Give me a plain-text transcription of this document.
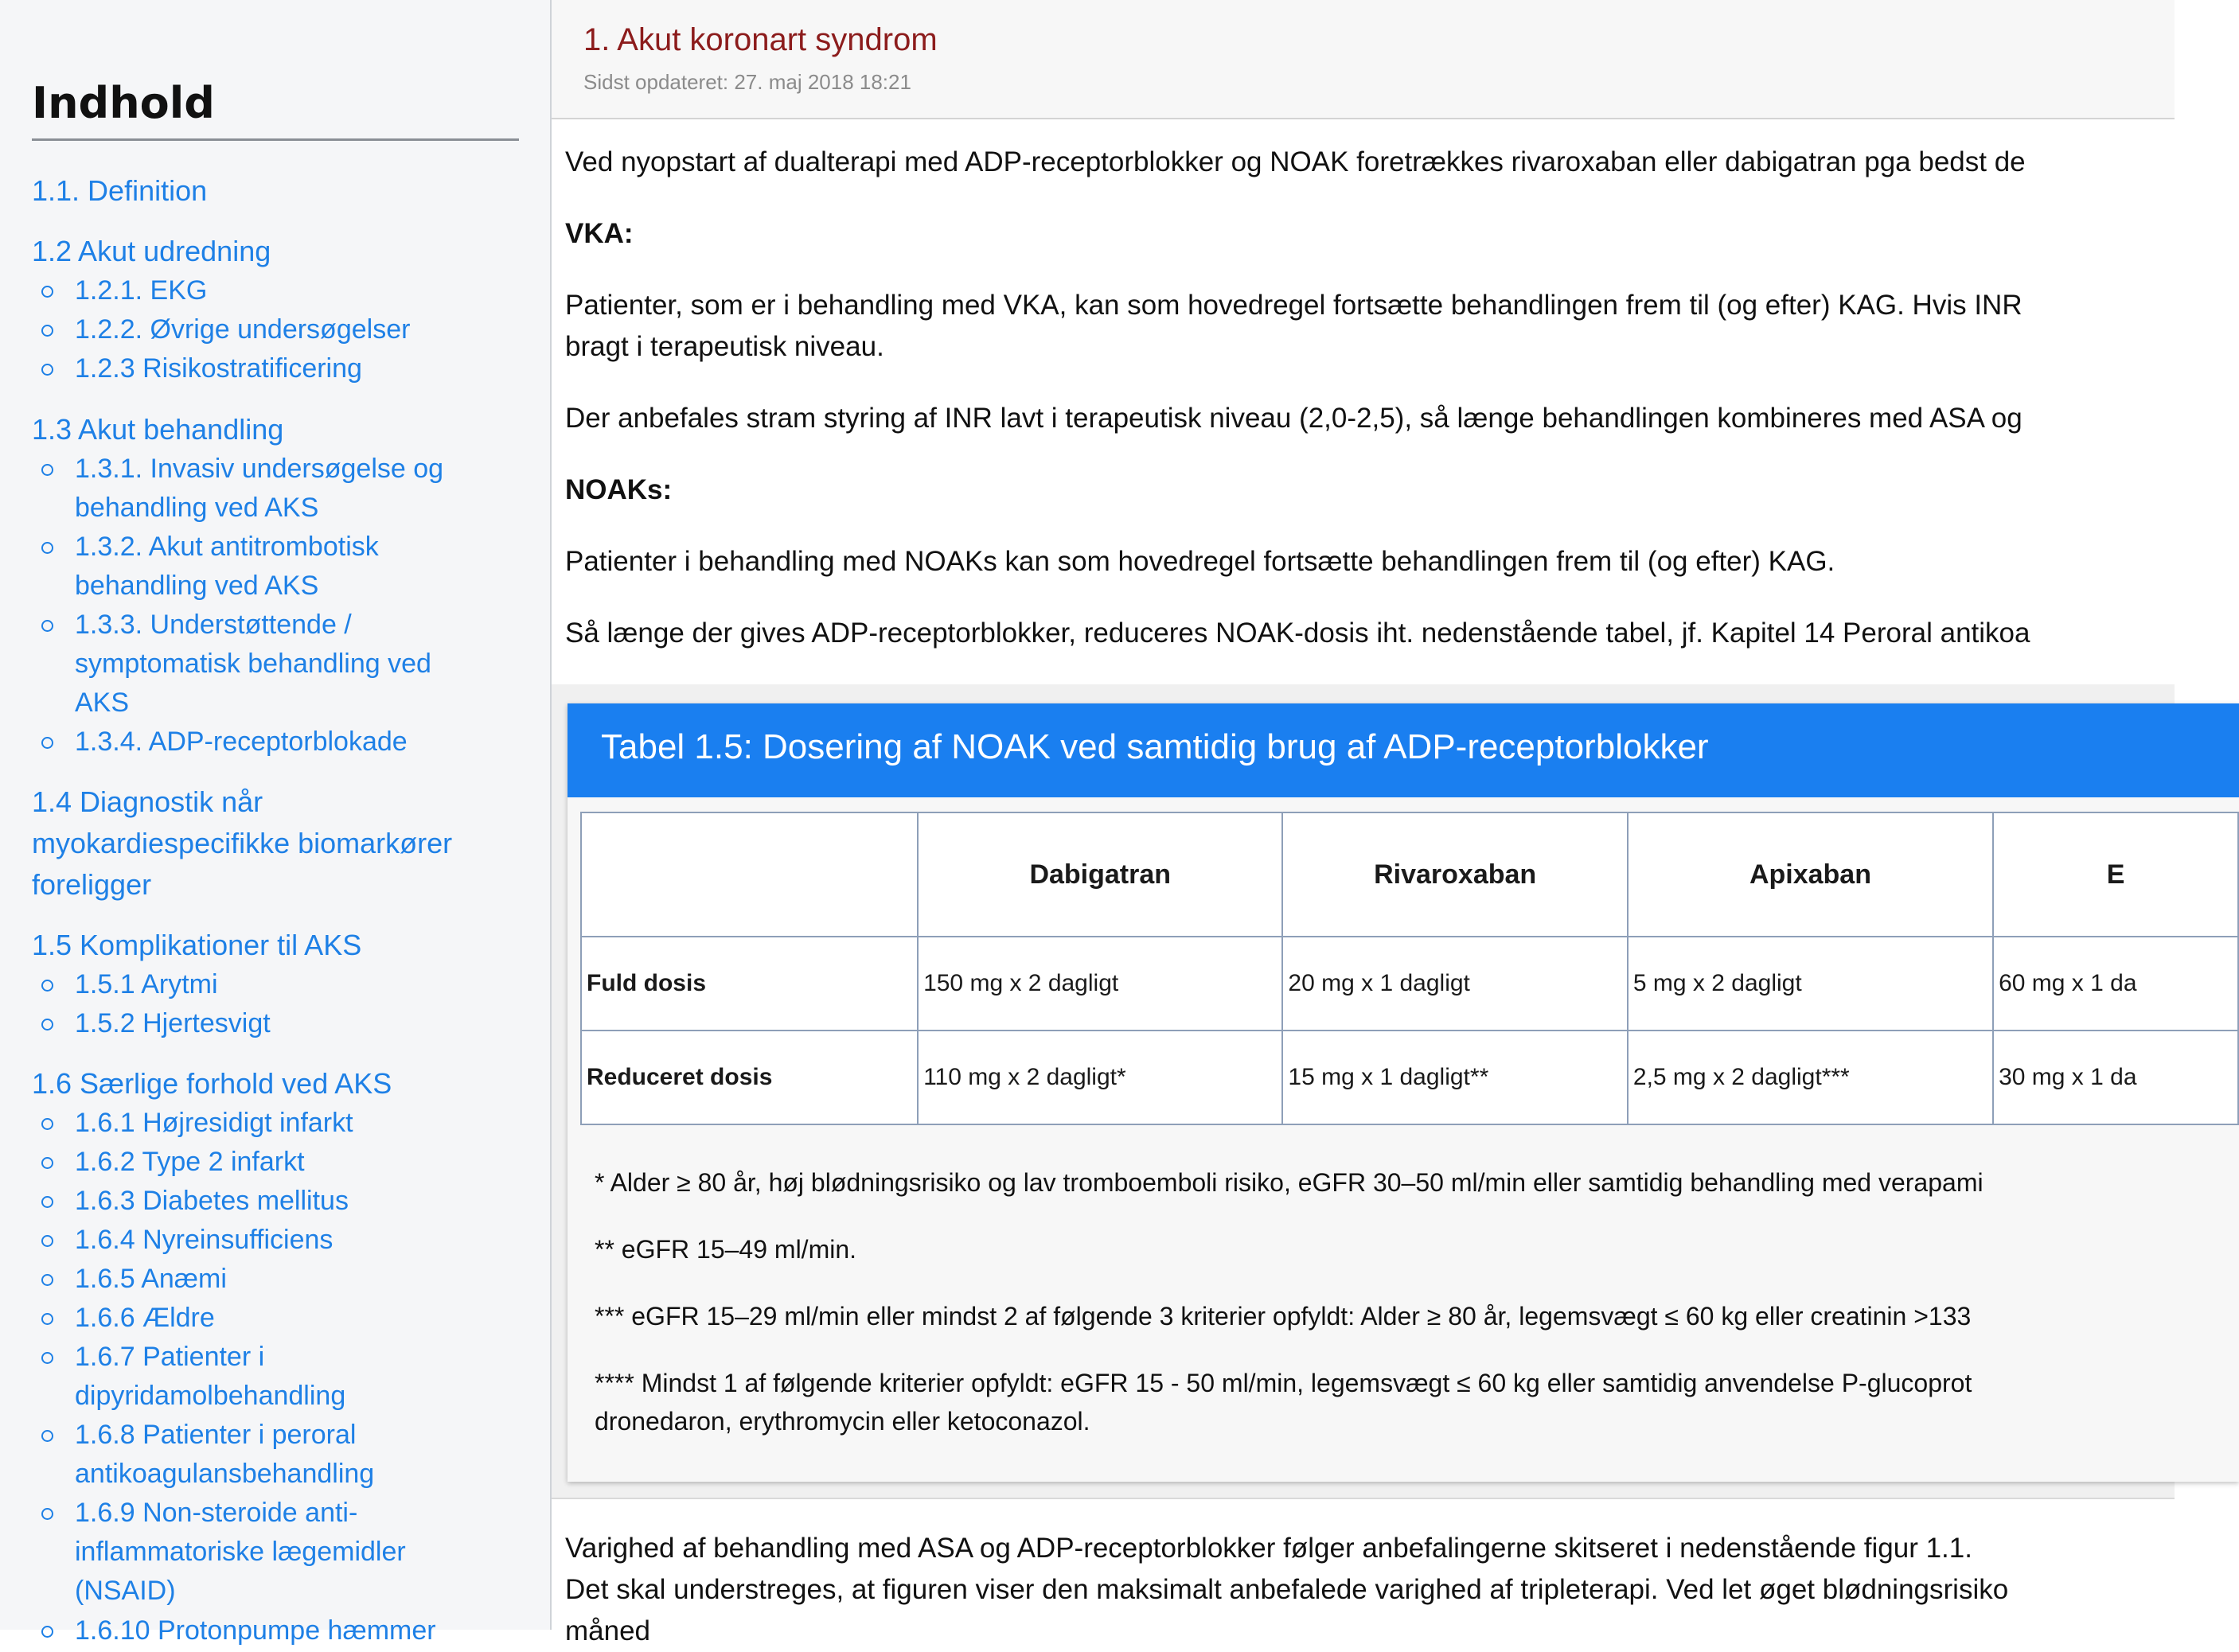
Indhold
1.1. Definition
1.2 Akut udredning
1.2.1. EKG
1.2.2. Øvrige undersøgelser
1.2.3 Risikostratificering
1.3 Akut behandling
1.3.1. Invasiv undersøgelse og behandling ved AKS
1.3.2. Akut antitrombotisk behandling ved AKS
1.3.3. Understøttende / symptomatisk behandling ved AKS
1.3.4. ADP-receptorblokade
1.4 Diagnostik når myokardiespecifikke biomarkører foreligger
1.5 Komplikationer til AKS
1.5.1 Arytmi
1.5.2 Hjertesvigt
1.6 Særlige forhold ved AKS
1.6.1 Højresidigt infarkt
1.6.2 Type 2 infarkt
1.6.3 Diabetes mellitus
1.6.4 Nyreinsufficiens
1.6.5 Anæmi
1.6.6 Ældre
1.6.7 Patienter i dipyridamolbehandling
1.6.8 Patienter i peroral antikoagulansbehandling
1.6.9 Non-steroide anti-inflammatoriske lægemidler (NSAID)
1.6.10 Protonpumpe hæmmer
1. Akut koronart syndrom
Sidst opdateret: 27. maj 2018 18:21
Ved nyopstart af dualterapi med ADP-receptorblokker og NOAK foretrækkes rivaroxaban eller dabigatran pga bedst de
VKA:
Patienter, som er i behandling med VKA, kan som hovedregel fortsætte behandlingen frem til (og efter) KAG. Hvis INR
bragt i terapeutisk niveau.
Der anbefales stram styring af INR lavt i terapeutisk niveau (2,0-2,5), så længe behandlingen kombineres med ASA og
NOAKs:
Patienter i behandling med NOAKs kan som hovedregel fortsætte behandlingen frem til (og efter) KAG.
Så længe der gives ADP-receptorblokker, reduceres NOAK-dosis iht. nedenstående tabel, jf. Kapitel 14 Peroral antikoa
Tabel 1.5: Dosering af NOAK ved samtidig brug af ADP-receptorblokker
	Dabigatran	Rivaroxaban	Apixaban	E
Fuld dosis	150 mg x 2 dagligt	20 mg x 1 dagligt	5 mg x 2 dagligt	60 mg x 1 da
Reduceret dosis	110 mg x 2 dagligt*	15 mg x 1 dagligt**	2,5 mg x 2 dagligt***	30 mg x 1 da
* Alder ≥ 80 år, høj blødningsrisiko og lav tromboemboli risiko, eGFR 30–50 ml/min eller samtidig behandling med verapami
** eGFR 15–49 ml/min.
*** eGFR 15–29 ml/min eller mindst 2 af følgende 3 kriterier opfyldt: Alder ≥ 80 år, legemsvægt ≤ 60 kg eller creatinin >133
**** Mindst 1 af følgende kriterier opfyldt: eGFR 15 - 50 ml/min, legemsvægt ≤ 60 kg eller samtidig anvendelse P-glucoprot
dronedaron, erythromycin eller ketoconazol.
Varighed af behandling med ASA og ADP-receptorblokker følger anbefalingerne skitseret i nedenstående figur 1.1.
Det skal understreges, at figuren viser den maksimalt anbefalede varighed af tripleterapi. Ved let øget blødningsrisiko
måned
